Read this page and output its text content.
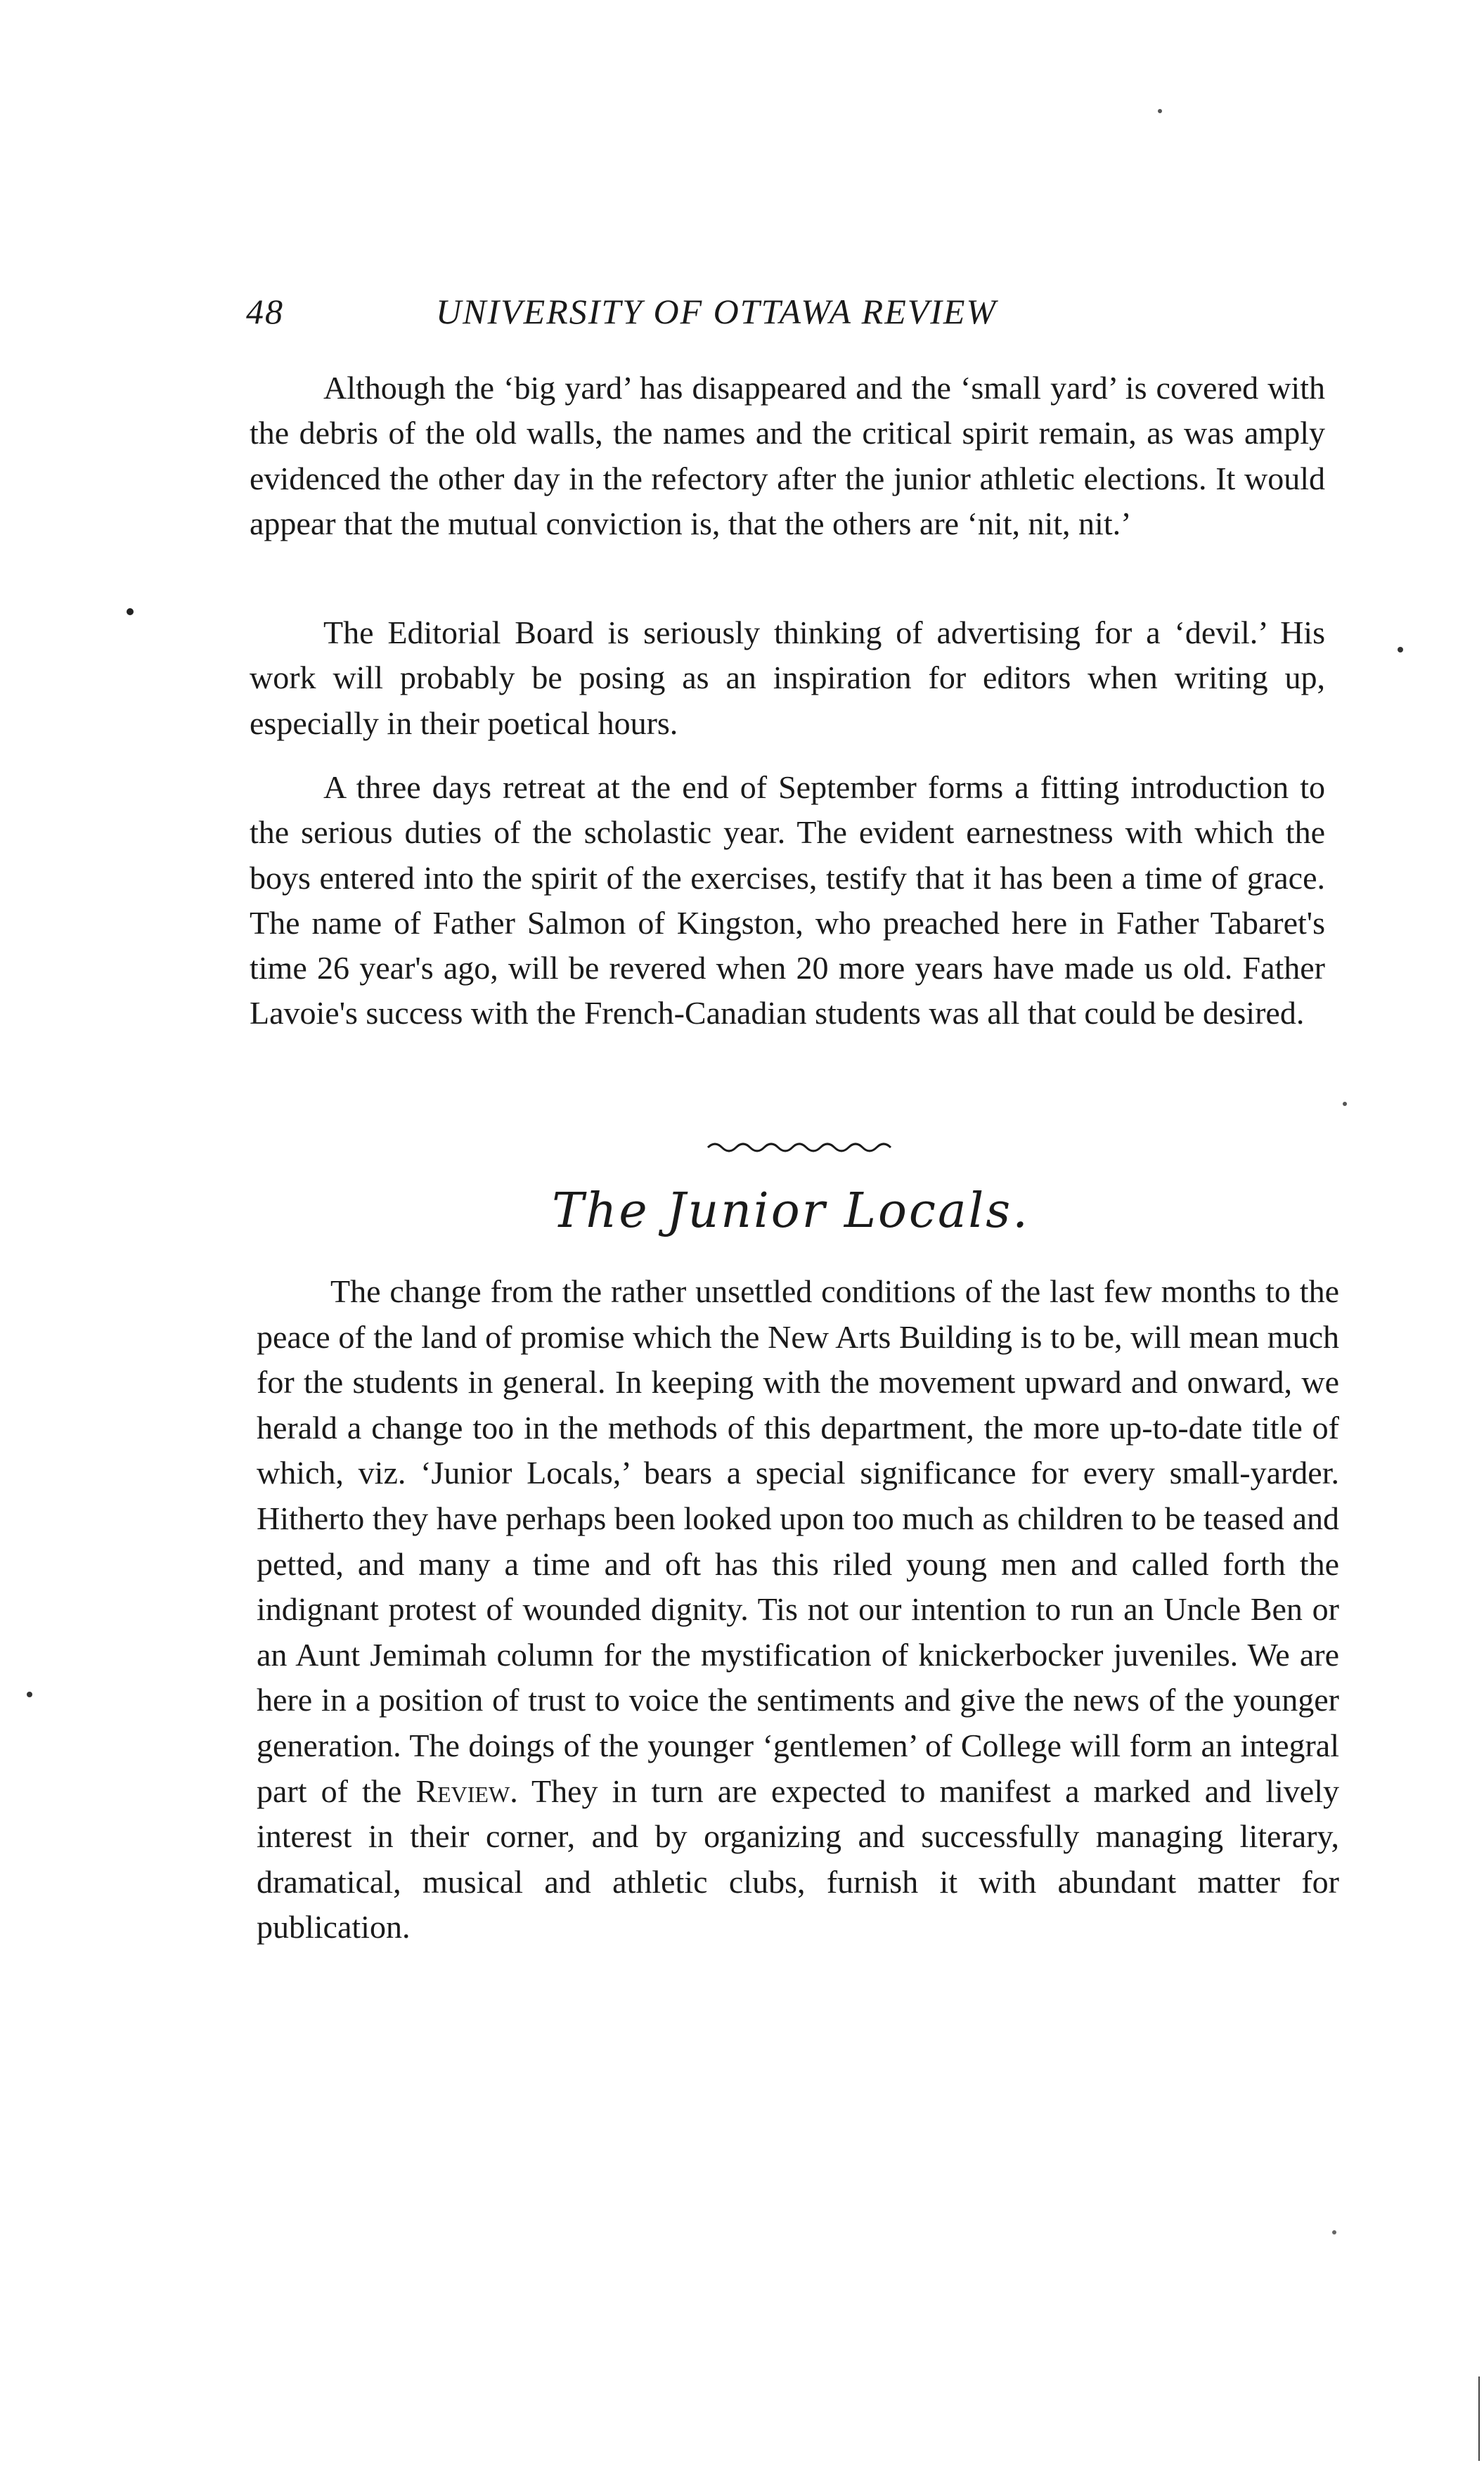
48	UNIVERSITY OF OTTAWA REVIEW

Although the ‘big yard’ has disappeared and the ‘small yard’ is covered with the debris of the old walls, the names and the critical spirit remain, as was amply evidenced the other day in the refectory after the junior athletic elections. It would appear that the mutual conviction is, that the others are ‘nit, nit, nit.’

The Editorial Board is seriously thinking of advertising for a ‘devil.’ His work will probably be posing as an inspiration for editors when writing up, especially in their poetical hours.

A three days retreat at the end of September forms a fitting introduction to the serious duties of the scholastic year. The evident earnestness with which the boys entered into the spirit of the exercises, testify that it has been a time of grace. The name of Father Salmon of Kingston, who preached here in Father Tabaret's time 26 year's ago, will be revered when 20 more years have made us old. Father Lavoie's success with the French-Canadian students was all that could be desired.

The Junior Locals.

The change from the rather unsettled conditions of the last few months to the peace of the land of promise which the New Arts Building is to be, will mean much for the students in general. In keeping with the movement upward and onward, we herald a change too in the methods of this department, the more up-to-date title of which, viz. ‘Junior Locals,’ bears a special significance for every small-yarder. Hitherto they have perhaps been looked upon too much as children to be teased and petted, and many a time and oft has this riled young men and called forth the indignant protest of wounded dignity. Tis not our intention to run an Uncle Ben or an Aunt Jemimah column for the mystification of knickerbocker juveniles. We are here in a position of trust to voice the sentiments and give the news of the younger generation. The doings of the younger ‘gentlemen’ of College will form an integral part of the Review. They in turn are expected to manifest a marked and lively interest in their corner, and by organizing and successfully managing literary, dramatical, musical and athletic clubs, furnish it with abundant matter for publication.
